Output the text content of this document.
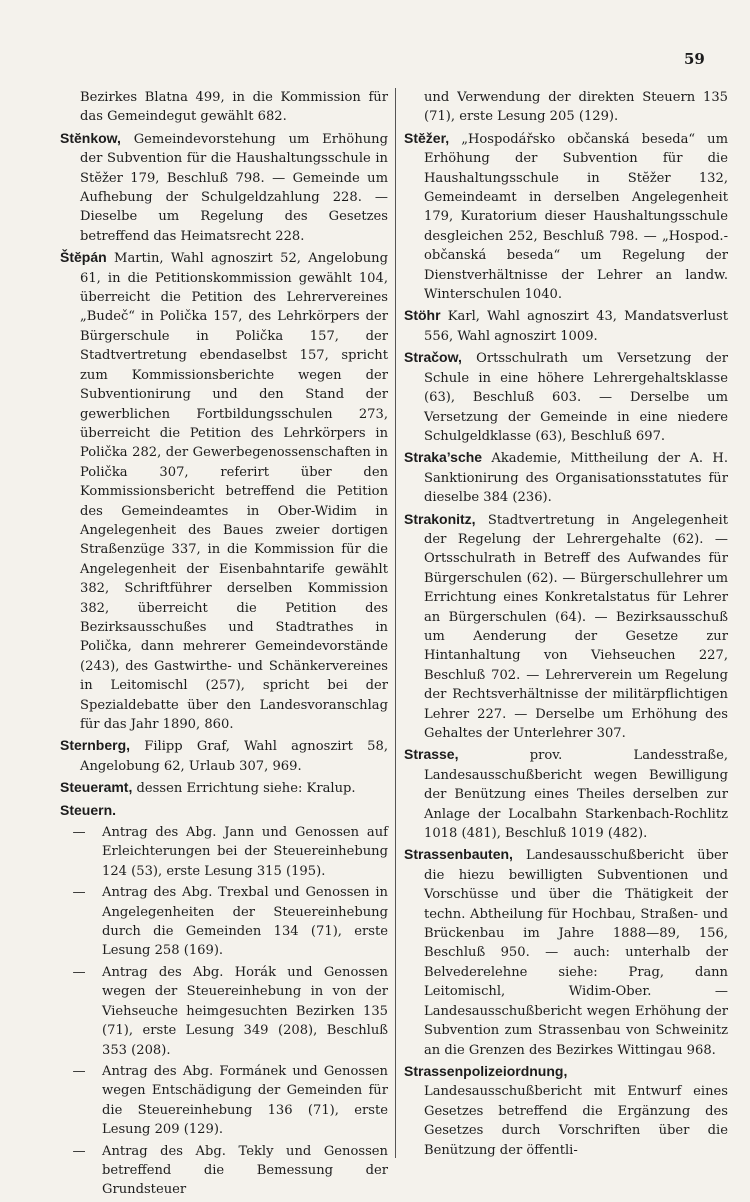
59

Bezirkes Blatna 499, in die Kommission für das Gemeindegut gewählt 682.

Stĕnkow, Gemeindevorstehung um Erhöhung der Subvention für die Haushaltungsschule in Stĕžer 179, Beschluß 798. — Gemeinde um Aufhebung der Schulgeldzahlung 228. — Dieselbe um Regelung des Gesetzes betreffend das Heimatsrecht 228.

Štĕpán Martin, Wahl agnoszirt 52, Angelobung 61, in die Petitionskommission gewählt 104, überreicht die Petition des Lehrervereines „Budeč“ in Polička 157, des Lehrkörpers der Bürgerschule in Polička 157, der Stadtvertretung ebendaselbst 157, spricht zum Kommissionsberichte wegen der Subventionirung und den Stand der gewerblichen Fortbildungsschulen 273, überreicht die Petition des Lehrkörpers in Polička 282, der Gewerbegenossenschaften in Polička 307, referirt über den Kommissionsbericht betreffend die Petition des Gemeindeamtes in Ober-Widim in Angelegenheit des Baues zweier dortigen Straßenzüge 337, in die Kommission für die Angelegenheit der Eisenbahntarife gewählt 382, Schriftführer derselben Kommission 382, überreicht die Petition des Bezirksausschußes und Stadtrathes in Polička, dann mehrerer Gemeindevorstände (243), des Gastwirthe- und Schänkervereines in Leitomischl (257), spricht bei der Spezialdebatte über den Landesvoranschlag für das Jahr 1890, 860.

Sternberg, Filipp Graf, Wahl agnoszirt 58, Angelobung 62, Urlaub 307, 969.

Steueramt, dessen Errichtung siehe: Kralup.

Steuern.

—	Antrag des Abg. Jann und Genossen auf Erleichterungen bei der Steuereinhebung 124 (53), erste Lesung 315 (195).

—	Antrag des Abg. Trexbal und Genossen in Angelegenheiten der Steuereinhebung durch die Gemeinden 134 (71), erste Lesung 258 (169).

—	Antrag des Abg. Horák und Genossen wegen der Steuereinhebung in von der Viehseuche heimgesuchten Bezirken 135 (71), erste Lesung 349 (208), Beschluß 353 (208).

—	Antrag des Abg. Formánek und Genossen wegen Entschädigung der Gemeinden für die Steuereinhebung 136 (71), erste Lesung 209 (129).

—	Antrag des Abg. Tekly und Genossen betreffend die Bemessung der Grundsteuer

und Verwendung der direkten Steuern 135 (71), erste Lesung 205 (129).

Stĕžer, „Hospodářsko občanská beseda“ um Erhöhung der Subvention für die Haushaltungsschule in Stĕžer 132, Gemeindeamt in derselben Angelegenheit 179, Kuratorium dieser Haushaltungsschule desgleichen 252, Beschluß 798. — „Hospod.-občanská beseda“ um Regelung der Dienstverhältnisse der Lehrer an landw. Winterschulen 1040.

Stöhr Karl, Wahl agnoszirt 43, Mandatsverlust 556, Wahl agnoszirt 1009.

Stračow, Ortsschulrath um Versetzung der Schule in eine höhere Lehrergehaltsklasse (63), Beschluß 603. — Derselbe um Versetzung der Gemeinde in eine niedere Schulgeldklasse (63), Beschluß 697.

Straka’sche Akademie, Mittheilung der A. H. Sanktionirung des Organisationsstatutes für dieselbe 384 (236).

Strakonitz, Stadtvertretung in Angelegenheit der Regelung der Lehrergehalte (62). — Ortsschulrath in Betreff des Aufwandes für Bürgerschulen (62). — Bürgerschullehrer um Errichtung eines Konkretalstatus für Lehrer an Bürgerschulen (64). — Bezirksausschuß um Aenderung der Gesetze zur Hintanhaltung von Viehseuchen 227, Beschluß 702. — Lehrerverein um Regelung der Rechtsverhältnisse der militärpflichtigen Lehrer 227. — Derselbe um Erhöhung des Gehaltes der Unterlehrer 307.

Strasse,	prov. Landesstraße, Landesausschußbericht wegen Bewilligung der Benützung eines Theiles derselben zur Anlage der Localbahn Starkenbach-Rochlitz 1018 (481), Beschluß 1019 (482).

Strassenbauten, Landesausschußbericht über die hiezu bewilligten Subventionen und Vorschüsse und über die Thätigkeit der techn. Abtheilung für Hochbau, Straßen- und Brückenbau im Jahre 1888—89, 156, Beschluß 950. — auch: unterhalb der Belvederelehne siehe: Prag, dann Leitomischl, Widim-Ober. — Landesausschußbericht wegen Erhöhung der Subvention zum Strassenbau von Schweinitz an die Grenzen des Bezirkes Wittingau 968.

Strassenpolizeiordnung, Landesausschußbericht mit Entwurf eines Gesetzes betreffend die Ergänzung des Gesetzes durch Vorschriften über die Benützung der öffentli-
